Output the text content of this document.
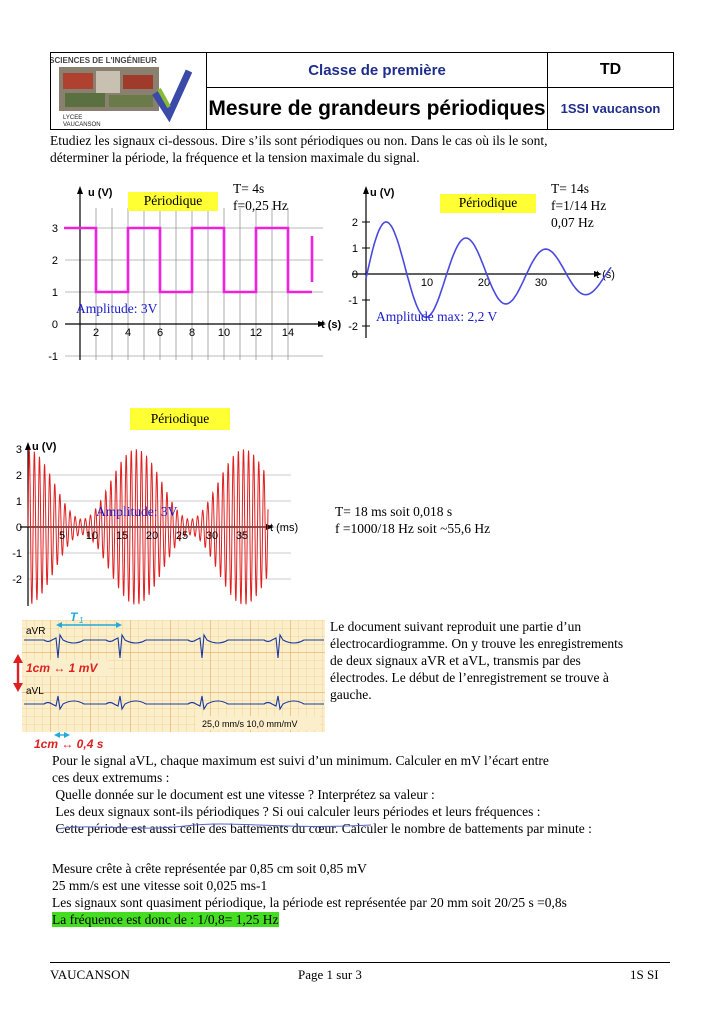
SCIENCES DE L'INGÉNIEUR
LYCEE
VAUCANSON
Classe de première	TD
Mesure de grandeurs périodiques	1SSI vaucanson
Etudiez les signaux ci-dessous. Dire s’ils sont périodiques ou non. Dans le cas où ils le sont,
déterminer la période, la fréquence et la tension maximale du signal.
u (V)
t (s)
3
2
1
0
-1
2 4 6 8 10 12 14
Périodique
T= 4s
f=0,25 Hz
Amplitude: 3V
u (V)
t (s)
2
1
0
-1
-2
10	20	30
Périodique
T= 14s
f=1/14 Hz
0,07 Hz
Amplitude max: 2,2 V
Périodique
u (V)
t (ms)
3
2
1
0
-1
-2
5 10 15 20 25 30 35
Amplitude: 3V	T= 18 ms soit 0,018 s
f =1000/18 Hz soit ~55,6 Hz
aVR
aVL
T 1
1cm ↔ 1 mV
25,0 mm/s 10,0 mm/mV
1cm ↔ 0,4 s
Le document suivant reproduit une partie d’un
électrocardiogramme. On y trouve les enregistrements
de deux signaux aVR et aVL, transmis par des
électrodes. Le début de l’enregistrement se trouve à
gauche.
Pour le signal aVL, chaque maximum est suivi d’un minimum. Calculer en mV l’écart entre
ces deux extremums :
Quelle donnée sur le document est une vitesse ? Interprétez sa valeur :
Les deux signaux sont-ils périodiques ? Si oui calculer leurs périodes et leurs fréquences :
Cette période est aussi celle des battements du cœur. Calculer le nombre de battements par minute :
Mesure crête à crête représentée par 0,85 cm soit 0,85 mV
25 mm/s est une vitesse soit 0,025 ms-1
Les signaux sont quasiment périodique, la période est représentée par 20 mm soit 20/25 s =0,8s
La fréquence est donc de : 1/0,8= 1,25 Hz
VAUCANSON	Page 1 sur 3	1S SI
